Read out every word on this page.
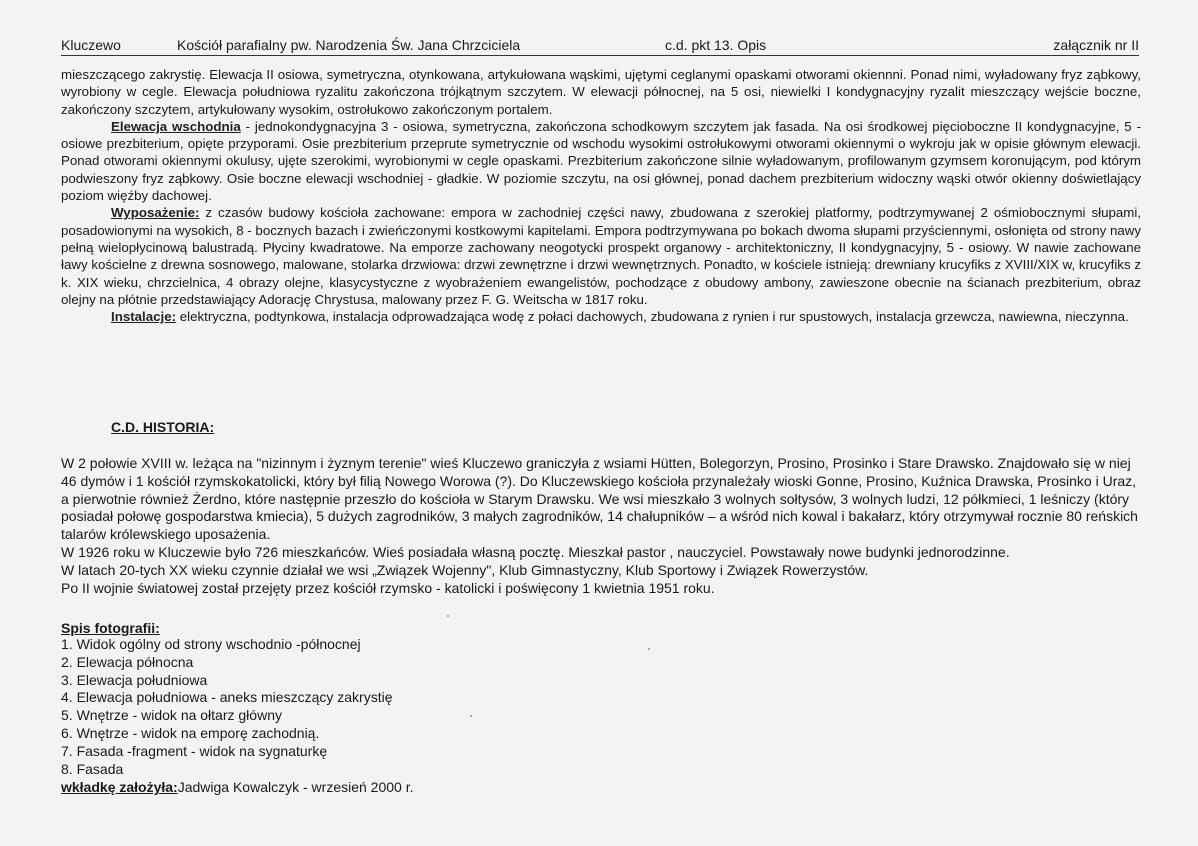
Kluczewo	Kościół parafialny pw. Narodzenia Św. Jana Chrzciciela	c.d. pkt 13. Opis	załącznik nr II

mieszczącego zakrystię. Elewacja II osiowa, symetryczna, otynkowana, artykułowana wąskimi, ujętymi ceglanymi opaskami otworami okiennni. Ponad nimi, wyładowany fryz ząbkowy, wyrobiony w cegle. Elewacja południowa ryzalitu zakończona trójkątnym szczytem. W elewacji północnej, na 5 osi, niewielki I kondygnacyjny ryzalit mieszczący wejście boczne, zakończony szczytem, artykułowany wysokim, ostrołukowo zakończonym portalem.

Elewacja wschodnia - jednokondygnacyjna 3 - osiowa, symetryczna, zakończona schodkowym szczytem jak fasada. Na osi środkowej pięcioboczne II kondygnacyjne, 5 - osiowe prezbiterium, opięte przyporami. Osie prezbiterium przeprute symetrycznie od wschodu wysokimi ostrołukowymi otworami okiennymi o wykroju jak w opisie głównym elewacji. Ponad otworami okiennymi okulusy, ujęte szerokimi, wyrobionymi w cegle opaskami. Prezbiterium zakończone silnie wyładowanym, profilowanym gzymsem koronującym, pod którym podwieszony fryz ząbkowy. Osie boczne elewacji wschodniej - gładkie. W poziomie szczytu, na osi głównej, ponad dachem prezbiterium widoczny wąski otwór okienny doświetlający poziom więźby dachowej.

Wyposażenie: z czasów budowy kościoła zachowane: empora w zachodniej części nawy, zbudowana z szerokiej platformy, podtrzymywanej 2 ośmiobocznymi słupami, posadowionymi na wysokich, 8 - bocznych bazach i zwieńczonymi kostkowymi kapitelami. Empora podtrzymywana po bokach dwoma słupami przyściennymi, osłonięta od strony nawy pełną wielopłycinową balustradą. Płyciny kwadratowe. Na emporze zachowany neogotycki prospekt organowy - architektoniczny, II kondygnacyjny, 5 - osiowy. W nawie zachowane ławy kościelne z drewna sosnowego, malowane, stolarka drzwiowa: drzwi zewnętrzne i drzwi wewnętrznych. Ponadto, w kościele istnieją: drewniany krucyfiks z XVIII/XIX w, krucyfiks z k. XIX wieku, chrzcielnica, 4 obrazy olejne, klasycystyczne z wyobrażeniem ewangelistów, pochodzące z obudowy ambony, zawieszone obecnie na ścianach prezbiterium, obraz olejny na płótnie przedstawiający Adorację Chrystusa, malowany przez F. G. Weitscha w 1817 roku.

Instalacje: elektryczna, podtynkowa, instalacja odprowadzająca wodę z połaci dachowych, zbudowana z rynien i rur spustowych, instalacja grzewcza, nawiewna, nieczynna.

C.D. HISTORIA:

W 2 połowie XVIII w. leżąca na "nizinnym i żyznym terenie" wieś Kluczewo graniczyła z wsiami Hütten, Bolegorzyn, Prosino, Prosinko i Stare Drawsko. Znajdowało się w niej 46 dymów i 1 kościół rzymskokatolicki, który był filią Nowego Worowa (?). Do Kluczewskiego kościoła przynależały wioski Gonne, Prosino, Kuźnica Drawska, Prosinko i Uraz, a pierwotnie również Żerdno, które następnie przeszło do kościoła w Starym Drawsku. We wsi mieszkało 3 wolnych sołtysów, 3 wolnych ludzi, 12 półkmieci, 1 leśniczy (który posiadał połowę gospodarstwa kmiecia), 5 dużych zagrodników, 3 małych zagrodników, 14 chałupników – a wśród nich kowal i bakałarz, który otrzymywał rocznie 80 reńskich talarów królewskiego uposażenia.

W 1926 roku w Kluczewie było 726 mieszkańców. Wieś posiadała własną pocztę. Mieszkał pastor , nauczyciel. Powstawały nowe budynki jednorodzinne.

W latach 20-tych XX wieku czynnie działał we wsi „Związek Wojenny", Klub Gimnastyczny, Klub Sportowy i Związek Rowerzystów.

Po II wojnie światowej został przejęty przez kościół rzymsko - katolicki i poświęcony 1 kwietnia 1951 roku.

Spis fotografii:
1. Widok ogólny od strony wschodnio -północnej
2. Elewacja północna
3. Elewacja południowa
4. Elewacja południowa - aneks mieszczący zakrystię
5. Wnętrze - widok na ołtarz główny
6. Wnętrze - widok na emporę zachodnią.
7. Fasada -fragment - widok na sygnaturkę
8. Fasada
wkładkę założyła:Jadwiga Kowalczyk - wrzesień 2000 r.
